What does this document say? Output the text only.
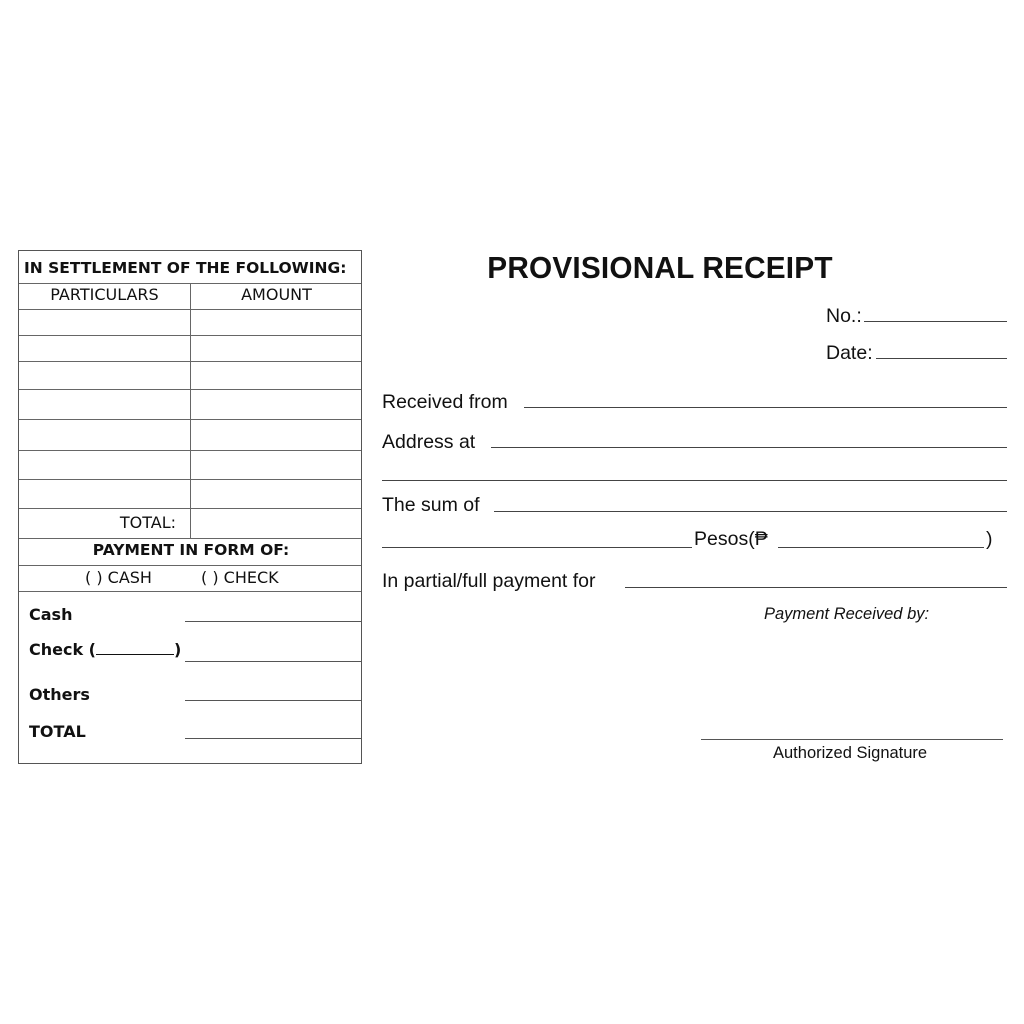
IN SETTLEMENT OF THE FOLLOWING:
PARTICULARS	AMOUNT
TOTAL:
PAYMENT IN FORM OF:
( ) CASH	( ) CHECK
Cash
Check (	)
Others
TOTAL
PROVISIONAL RECEIPT
No.:
Date:
Received from
Address at
The sum of
Pesos(₱	)
In partial/full payment for
Payment Received by:
Authorized Signature
